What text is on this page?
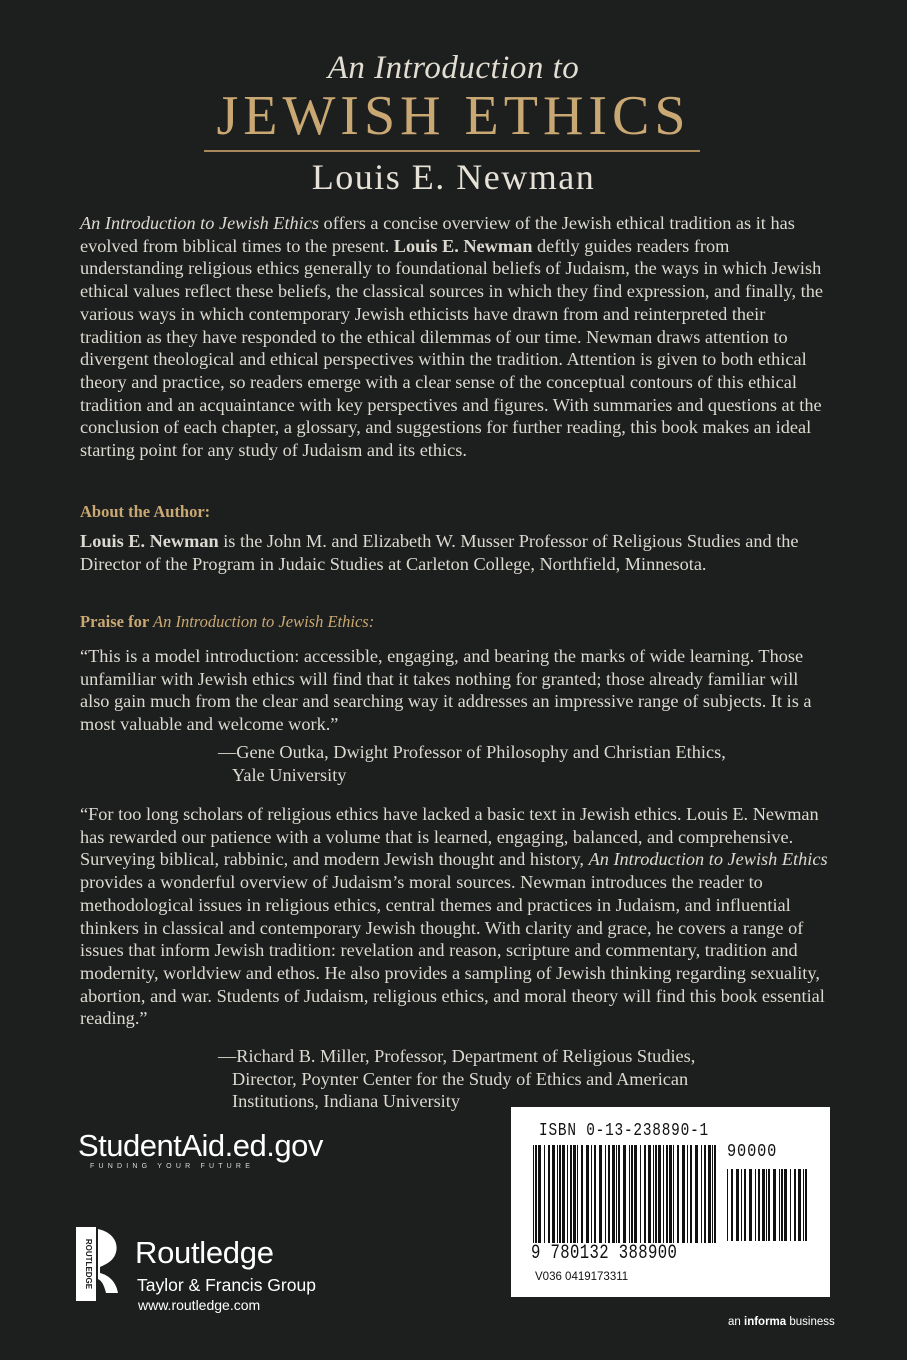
An Introduction to
JEWISH ETHICS
Louis E. Newman
An Introduction to Jewish Ethics offers a concise overview of the Jewish ethical tradition as it has evolved from biblical times to the present. Louis E. Newman deftly guides readers from understanding religious ethics generally to foundational beliefs of Judaism, the ways in which Jewish ethical values reflect these beliefs, the classical sources in which they find expression, and finally, the various ways in which contemporary Jewish ethicists have drawn from and reinterpreted their tradition as they have responded to the ethical dilemmas of our time. Newman draws attention to divergent theological and ethical perspectives within the tradition. Attention is given to both ethical theory and practice, so readers emerge with a clear sense of the conceptual contours of this ethical tradition and an acquaintance with key perspectives and figures. With summaries and questions at the conclusion of each chapter, a glossary, and suggestions for further reading, this book makes an ideal starting point for any study of Judaism and its ethics.
About the Author:
Louis E. Newman is the John M. and Elizabeth W. Musser Professor of Religious Studies and the Director of the Program in Judaic Studies at Carleton College, Northfield, Minnesota.
Praise for An Introduction to Jewish Ethics:
“This is a model introduction: accessible, engaging, and bearing the marks of wide learning. Those unfamiliar with Jewish ethics will find that it takes nothing for granted; those already familiar will also gain much from the clear and searching way it addresses an impressive range of subjects. It is a most valuable and welcome work.”
—Gene Outka, Dwight Professor of Philosophy and Christian Ethics,
Yale University
“For too long scholars of religious ethics have lacked a basic text in Jewish ethics. Louis E. Newman has rewarded our patience with a volume that is learned, engaging, balanced, and comprehensive. Surveying biblical, rabbinic, and modern Jewish thought and history, An Introduction to Jewish Ethics provides a wonderful overview of Judaism’s moral sources. Newman introduces the reader to methodological issues in religious ethics, central themes and practices in Judaism, and influential thinkers in classical and contemporary Jewish thought. With clarity and grace, he covers a range of issues that inform Jewish tradition: revelation and reason, scripture and commentary, tradition and modernity, worldview and ethos. He also provides a sampling of Jewish thinking regarding sexuality, abortion, and war. Students of Judaism, religious ethics, and moral theory will find this book essential reading.”
—Richard B. Miller, Professor, Department of Religious Studies,
Director, Poynter Center for the Study of Ethics and American
Institutions, Indiana University
StudentAid.ed.gov
FUNDING YOUR FUTURE
ROUTLEDGE Routledge
Taylor & Francis Group
www.routledge.com
an informa business
ISBN 0-13-238890-1
90000
9 780132 388900
V036 0419173311
